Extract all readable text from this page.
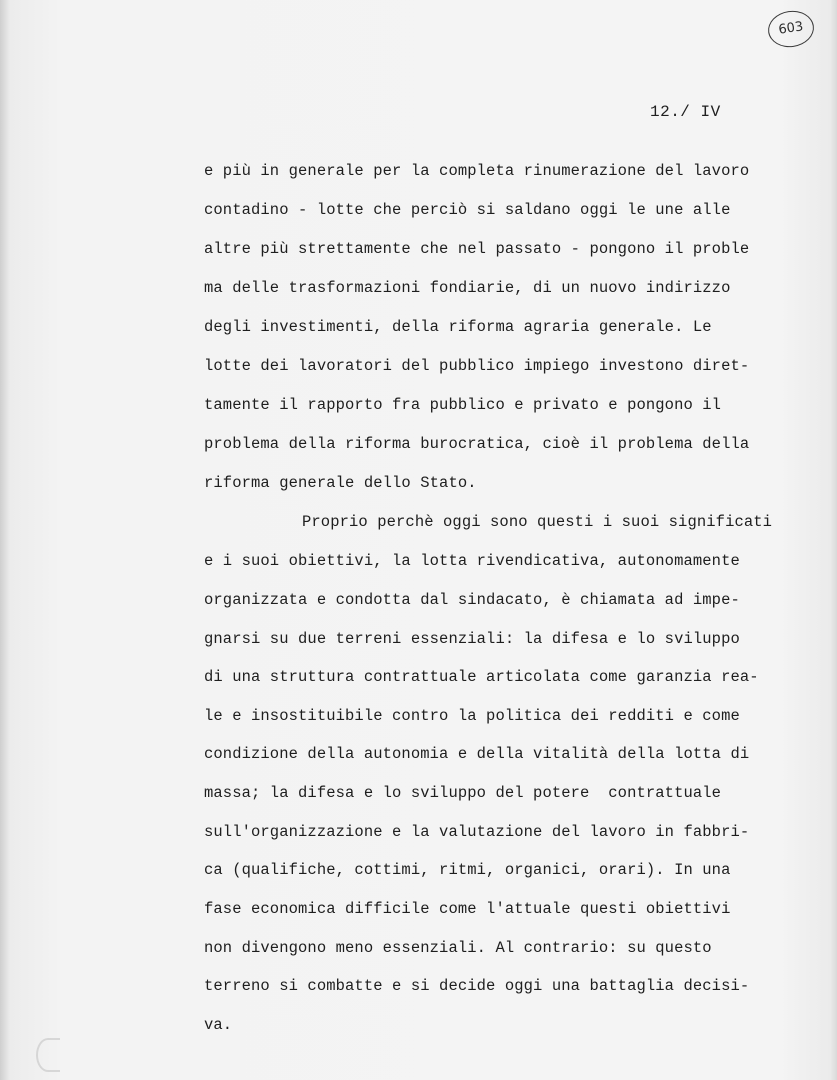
603
12./ IV
e più in generale per la completa rinumerazione del lavoro
contadino - lotte che perciò si saldano oggi le une alle
altre più strettamente che nel passato - pongono il proble
ma delle trasformazioni fondiarie, di un nuovo indirizzo
degli investimenti, della riforma agraria generale. Le
lotte dei lavoratori del pubblico impiego investono diret-
tamente il rapporto fra pubblico e privato e pongono il
problema della riforma burocratica, cioè il problema della
riforma generale dello Stato.
Proprio perchè oggi sono questi i suoi significati
e i suoi obiettivi, la lotta rivendicativa, autonomamente
organizzata e condotta dal sindacato, è chiamata ad impe-
gnarsi su due terreni essenziali: la difesa e lo sviluppo
di una struttura contrattuale articolata come garanzia rea-
le e insostituibile contro la politica dei redditi e come
condizione della autonomia e della vitalità della lotta di
massa; la difesa e lo sviluppo del potere  contrattuale
sull'organizzazione e la valutazione del lavoro in fabbri-
ca (qualifiche, cottimi, ritmi, organici, orari). In una
fase economica difficile come l'attuale questi obiettivi
non divengono meno essenziali. Al contrario: su questo
terreno si combatte e si decide oggi una battaglia decisi-
va.
